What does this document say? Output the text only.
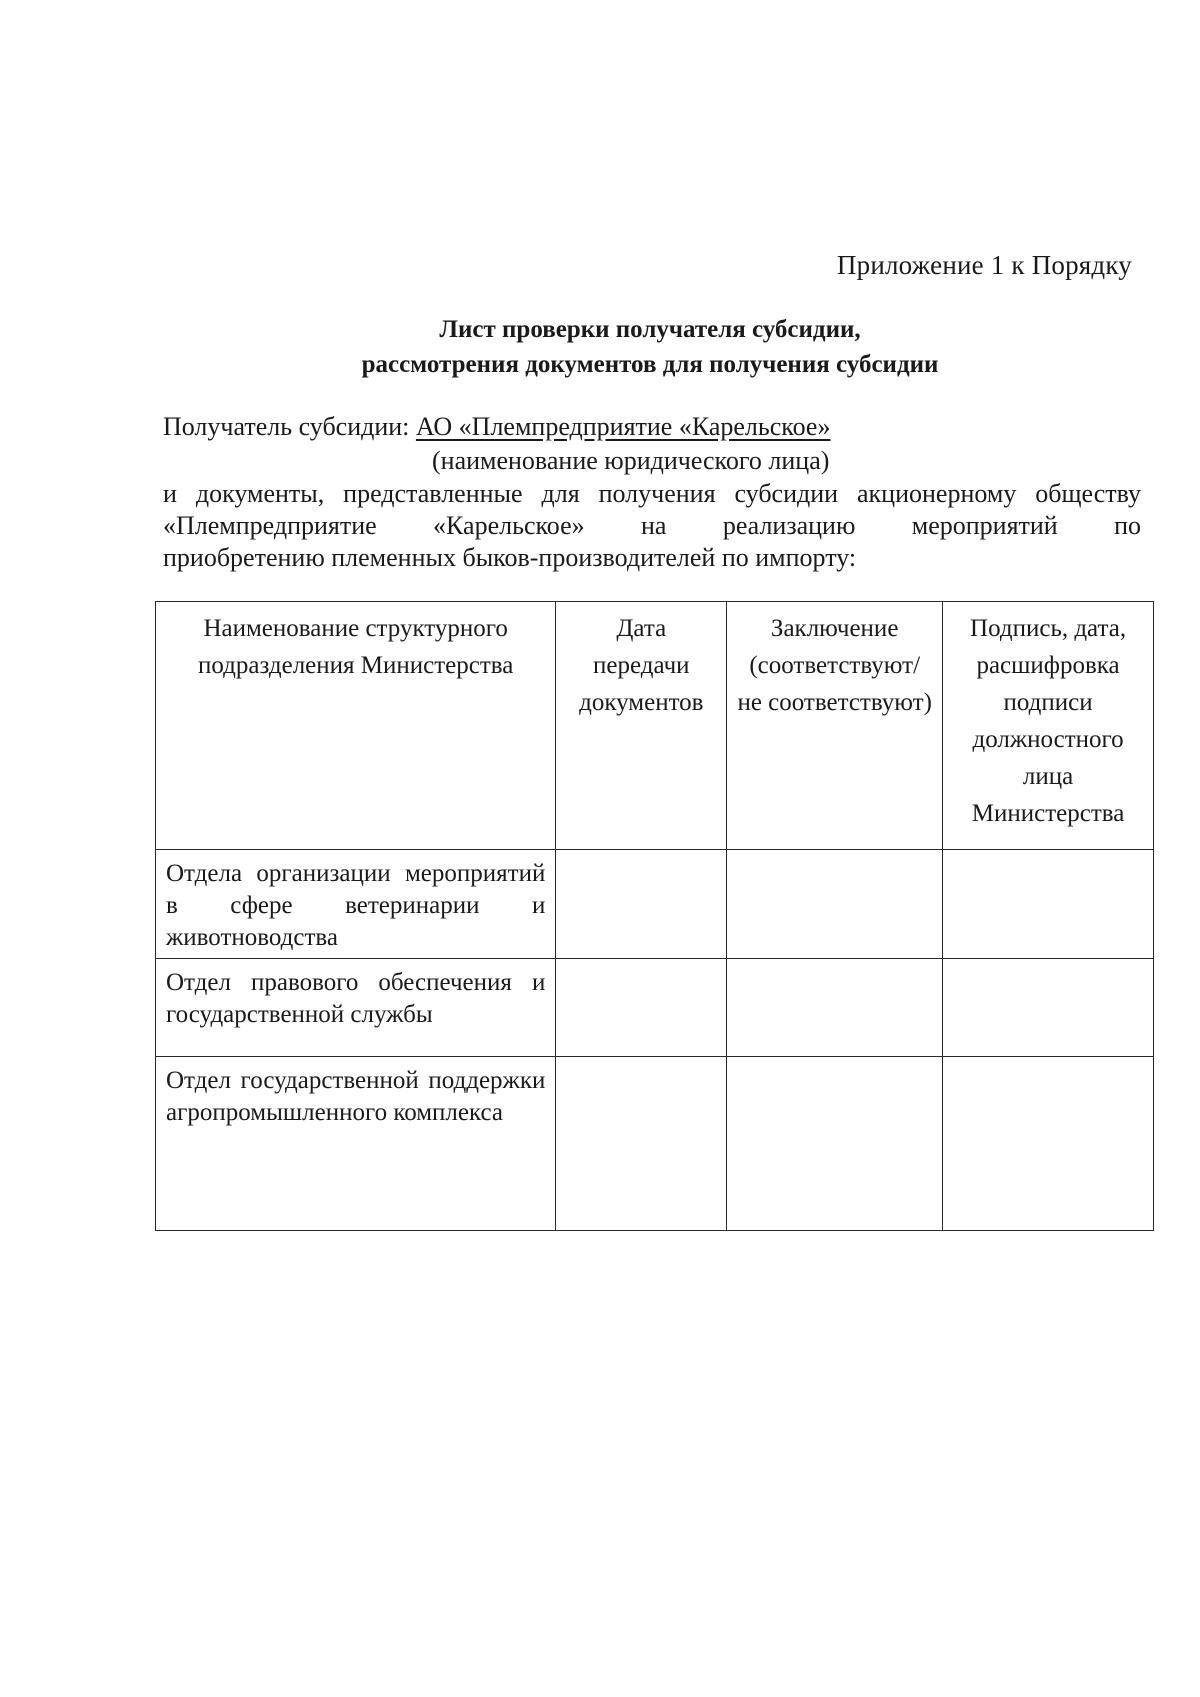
Приложение 1 к Порядку
Лист проверки получателя субсидии,
рассмотрения документов для получения субсидии
Получатель субсидии: АО «Племпредприятие «Карельское»
(наименование юридического лица)
и документы, представленные для получения субсидии акционерному обществу
«Племпредприятие «Карельское» на реализацию мероприятий по
приобретению племенных быков-производителей по импорту:
Наименование структурного подразделения Министерства	Дата передачи документов	Заключение (соответствуют/ не соответствуют)	Подпись, дата, расшифровка подписи должностного лица Министерства
Отдела организации мероприятий в сфере ветеринарии и животноводства			
Отдел правового обеспечения и государственной службы			
Отдел государственной поддержки агропромышленного комплекса			
